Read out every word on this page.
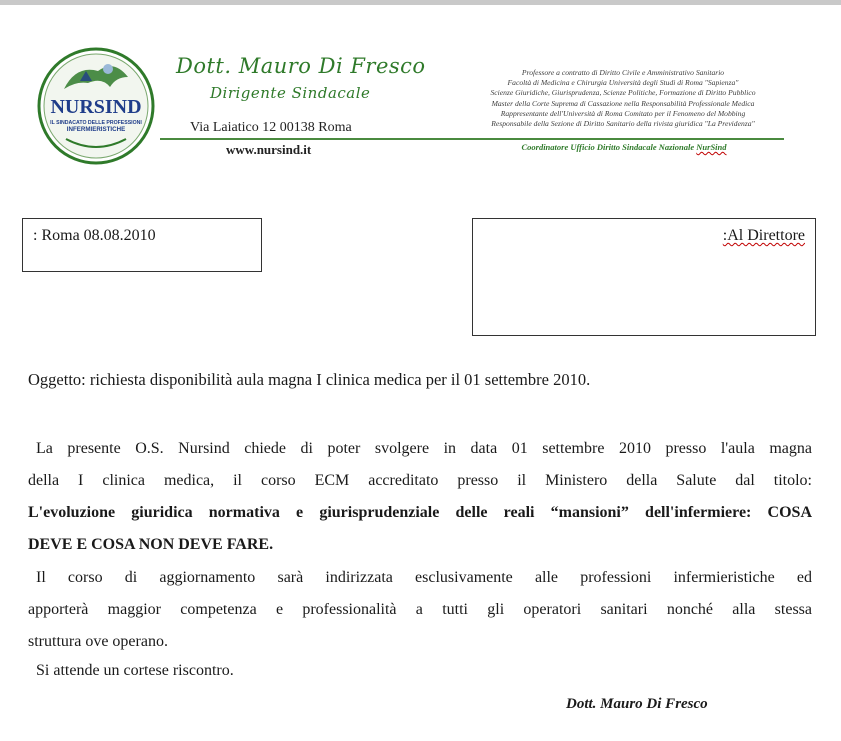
NURSIND
IL SINDACATO DELLE PROFESSIONI
INFERMIERISTICHE
Dott. Mauro Di Fresco
Dirigente Sindacale
Via Laiatico 12 00138 Roma
www.nursind.it
Professore a contratto di Diritto Civile e Amministrativo Sanitario
Facoltà di Medicina e Chirurgia Università degli Studi di Roma "Sapienza"
Scienze Giuridiche, Giurisprudenza, Scienze Politiche, Formazione di Diritto Pubblico
Master della Corte Suprema di Cassazione nella Responsabilità Professionale Medica
Rappresentante dell'Università di Roma Comitato per il Fenomeno del Mobbing
Responsabile della Sezione di Diritto Sanitario della rivista giuridica "La Previdenza"
Coordinatore Ufficio Diritto Sindacale Nazionale NurSind
: Roma 08.08.2010	:Al Direttore
Oggetto: richiesta disponibilità aula magna I clinica medica per il 01 settembre 2010.
La presente O.S. Nursind chiede di poter svolgere in data 01 settembre 2010 presso l'aula magna
della I clinica medica, il corso ECM accreditato presso il Ministero della Salute dal titolo:
L'evoluzione giuridica normativa e giurisprudenziale delle reali “mansioni” dell'infermiere: COSA
DEVE E COSA NON DEVE FARE.
Il corso di aggiornamento sarà indirizzata esclusivamente alle professioni infermieristiche ed
apporterà maggior competenza e professionalità a tutti gli operatori sanitari nonché alla stessa
struttura ove operano.
Si attende un cortese riscontro.
Dott. Mauro Di Fresco
